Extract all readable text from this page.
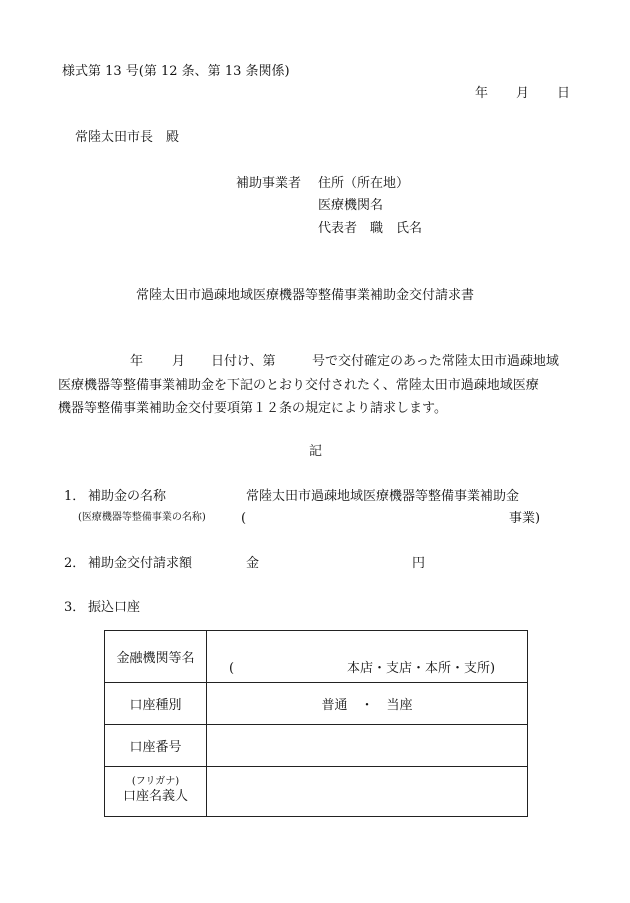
様式第 13 号(第 12 条、第 13 条関係)
年 月 日
常陸太田市長　殿
補助事業者 住所（所在地）
医療機関名
代表者　職　氏名
常陸太田市過疎地域医療機器等整備事業補助金交付請求書
年 月 日付け、第	号で交付確定のあった常陸太田市過疎地域
医療機器等整備事業補助金を下記のとおり交付されたく、常陸太田市過疎地域医療
機器等整備事業補助金交付要項第１２条の規定により請求します。
記
1． 補助金の名称	常陸太田市過疎地域医療機器等整備事業補助金
(医療機器等整備事業の名称)	(	事業)
2． 補助金交付請求額	金	円
3． 振込口座
金融機関等名	( 本店・支店・本所・支所)

口座種別	普通　・　当座
口座番号	

(フリガナ)
口座名義人	
